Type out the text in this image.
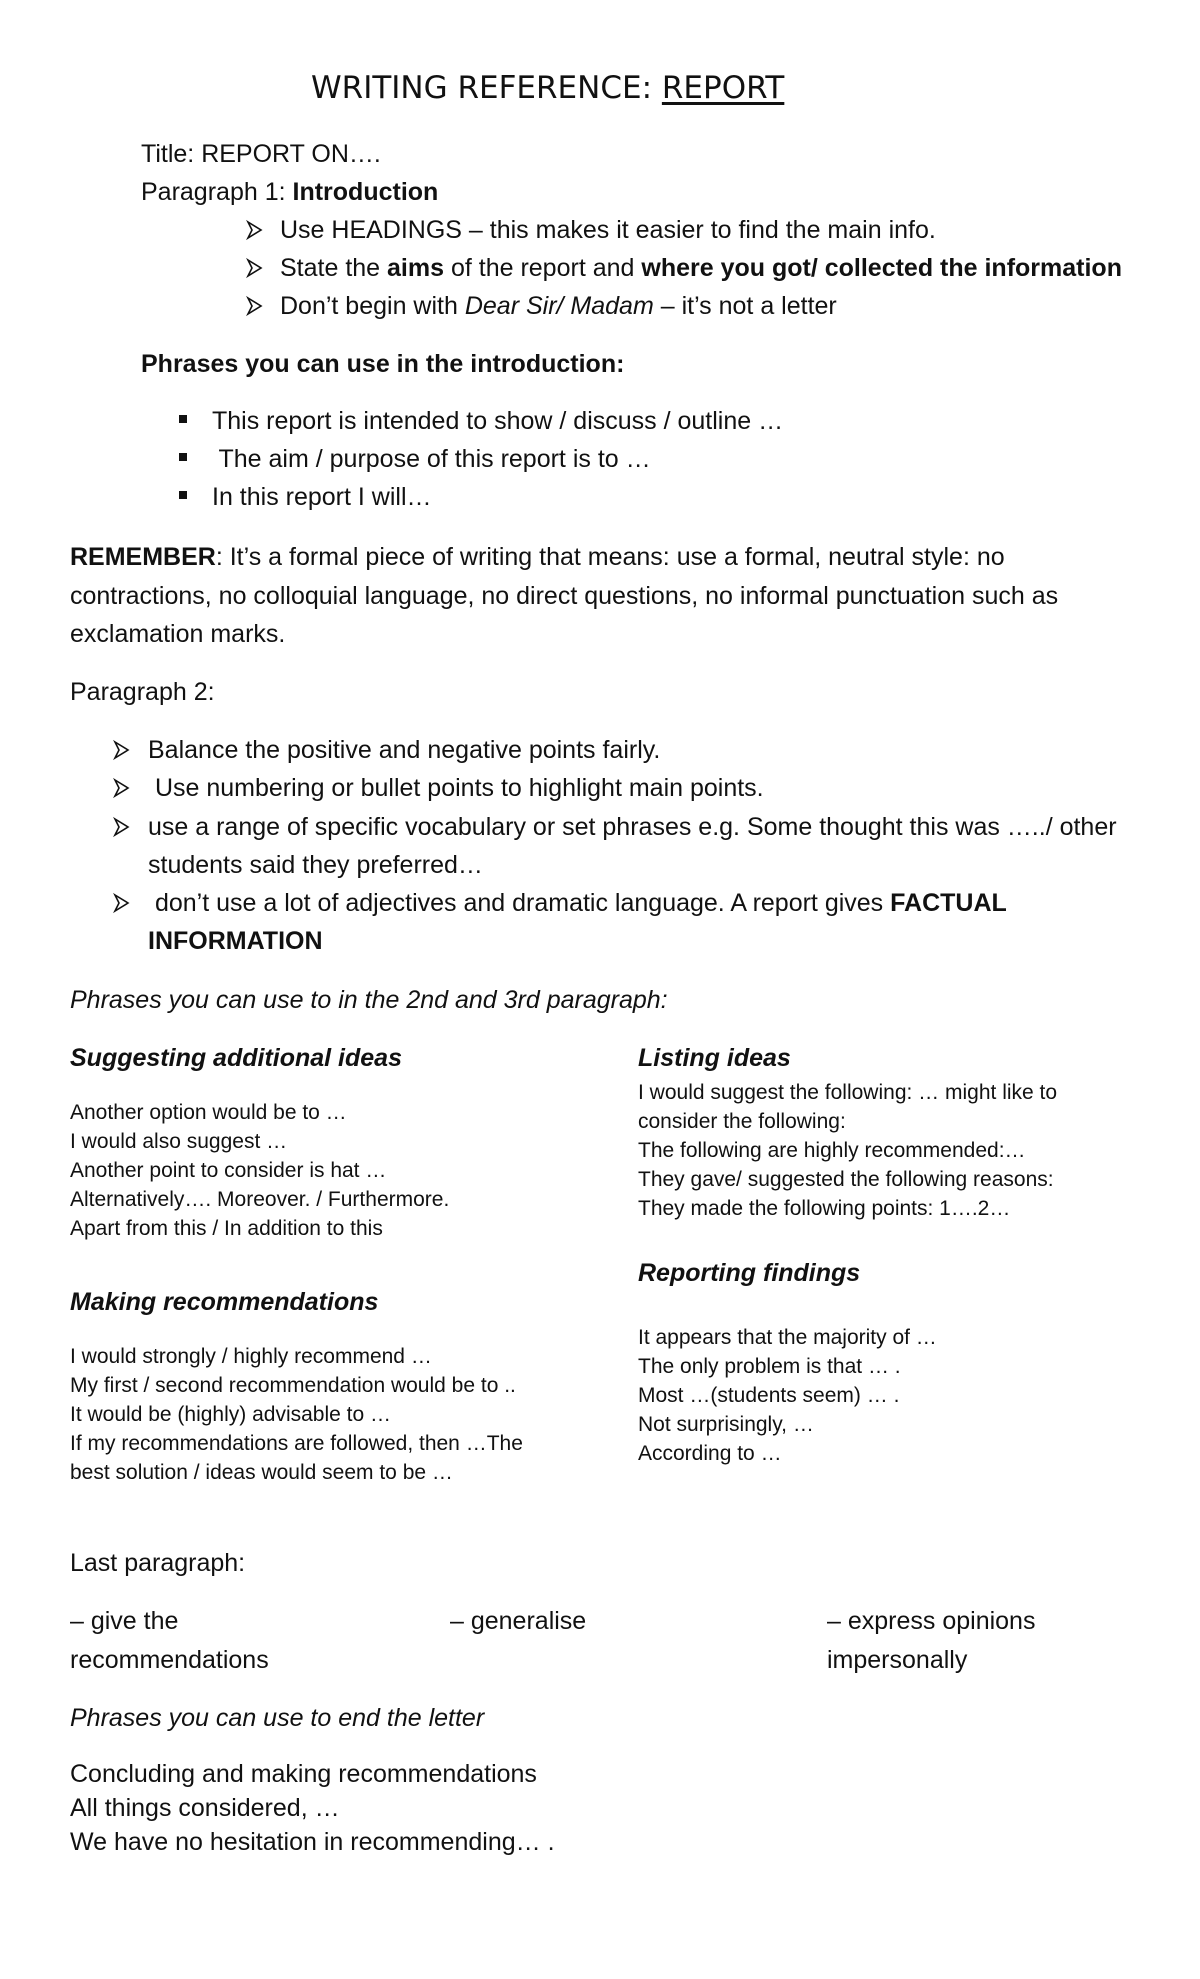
WRITING REFERENCE: REPORT
Title: REPORT ON….
Paragraph 1: Introduction
Use HEADINGS – this makes it easier to find the main info.
State the aims of the report and where you got/ collected the information
Don’t begin with Dear Sir/ Madam – it’s not a letter
Phrases you can use in the introduction:
This report is intended to show / discuss / outline …
The aim / purpose of this report is to …
In this report I will…
REMEMBER: It’s a formal piece of writing that means: use a formal, neutral style: no
contractions, no colloquial language, no direct questions, no informal punctuation such as
exclamation marks.
Paragraph 2:
Balance the positive and negative points fairly.
Use numbering or bullet points to highlight main points.
use a range of specific vocabulary or set phrases e.g. Some thought this was …../ other
students said they preferred…
don’t use a lot of adjectives and dramatic language. A report gives FACTUAL
INFORMATION
Phrases you can use to in the 2nd and 3rd paragraph:
Suggesting additional ideas
Another option would be to …
I would also suggest …
Another point to consider is hat …
Alternatively…. Moreover. / Furthermore.
Apart from this / In addition to this
Making recommendations
I would strongly / highly recommend …
My first / second recommendation would be to ..
It would be (highly) advisable to …
If my recommendations are followed, then …The
best solution / ideas would seem to be …
Listing ideas
I would suggest the following: … might like to
consider the following:
The following are highly recommended:…
They gave/ suggested the following reasons:
They made the following points: 1….2…
Reporting findings
It appears that the majority of …
The only problem is that … .
Most …(students seem) … .
Not surprisingly, …
According to …
Last paragraph:
– give the
recommendations
– generalise	– express opinions
impersonally
Phrases you can use to end the letter
Concluding and making recommendations
All things considered, …
We have no hesitation in recommending… .
